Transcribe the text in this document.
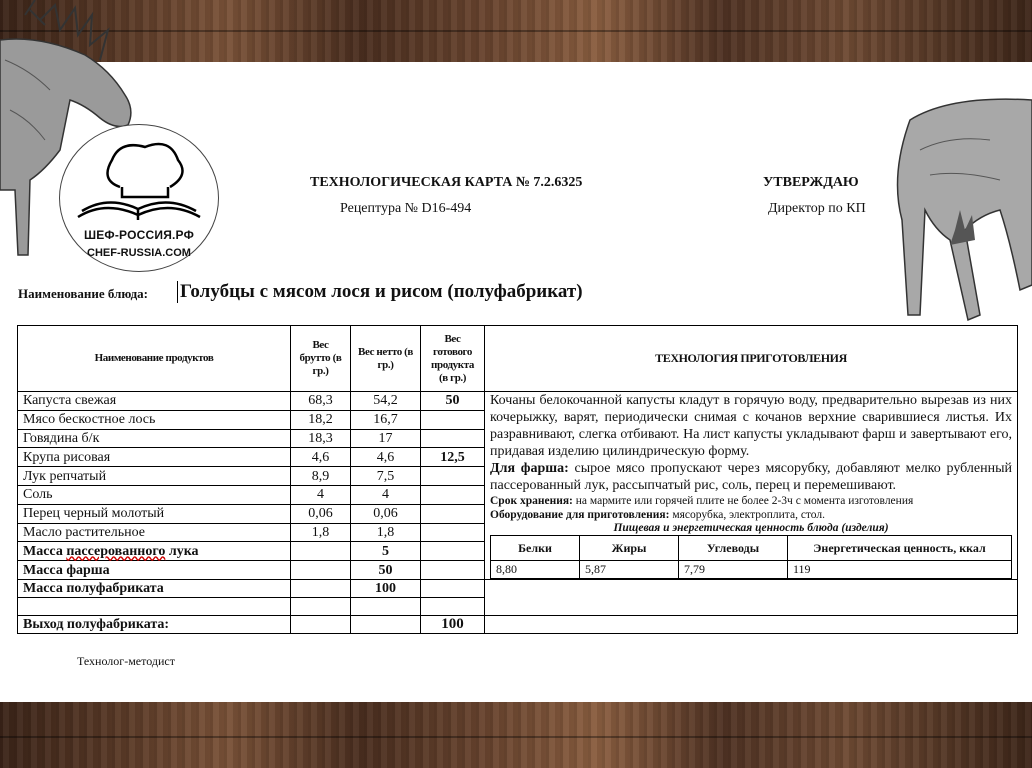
ШЕФ-РОССИЯ.РФ
CHEF-RUSSIA.COM
ТЕХНОЛОГИЧЕСКАЯ КАРТА № 7.2.6325
Рецептура № D16-494
УТВЕРЖДАЮ
Директор по КП
Наименование блюда: Голубцы с мясом лося и рисом (полуфабрикат)
Наименование продуктов	Вес брутто (в гр.)	Вес нетто (в гр.)	Вес готового продукта (в гр.)	ТЕХНОЛОГИЯ ПРИГОТОВЛЕНИЯ
Капуста свежая	68,3	54,2	50	Кочаны белокочанной капусты кладут в горячую воду, предварительно вырезав из них кочерыжку, варят, периодически снимая с кочанов верхние сварившиеся листья. Их разравнивают, слегка отбивают. На лист капусты укладывают фарш и завертывают его, придавая изделию цилиндрическую форму.

Для фарша: сырое мясо пропускают через мясорубку, добавляют мелко рубленный пассерованный лук, рассыпчатый рис, соль, перец и перемешивают.

Срок хранения: на мармите или горячей плите не более 2-3ч с момента изготовления

Оборудование для приготовления: мясорубка, электроплита, стол.

Пищевая и энергетическая ценность блюда (изделия)

Белки	Жиры	Углеводы	Энергетическая ценность, ккал
8,80	5,87	7,79	119

Мясо бескостное лось	18,2	16,7	
Говядина б/к	18,3	17	
Крупа рисовая	4,6	4,6	12,5
Лук репчатый	8,9	7,5	
Соль	4	4	
Перец черный молотый	0,06	0,06	
Масло растительное	1,8	1,8	
Масса пассерованного лука		5	
Масса фарша		50	
Масса полуфабриката		100		

Выход полуфабриката:			100	
Технолог-методист
